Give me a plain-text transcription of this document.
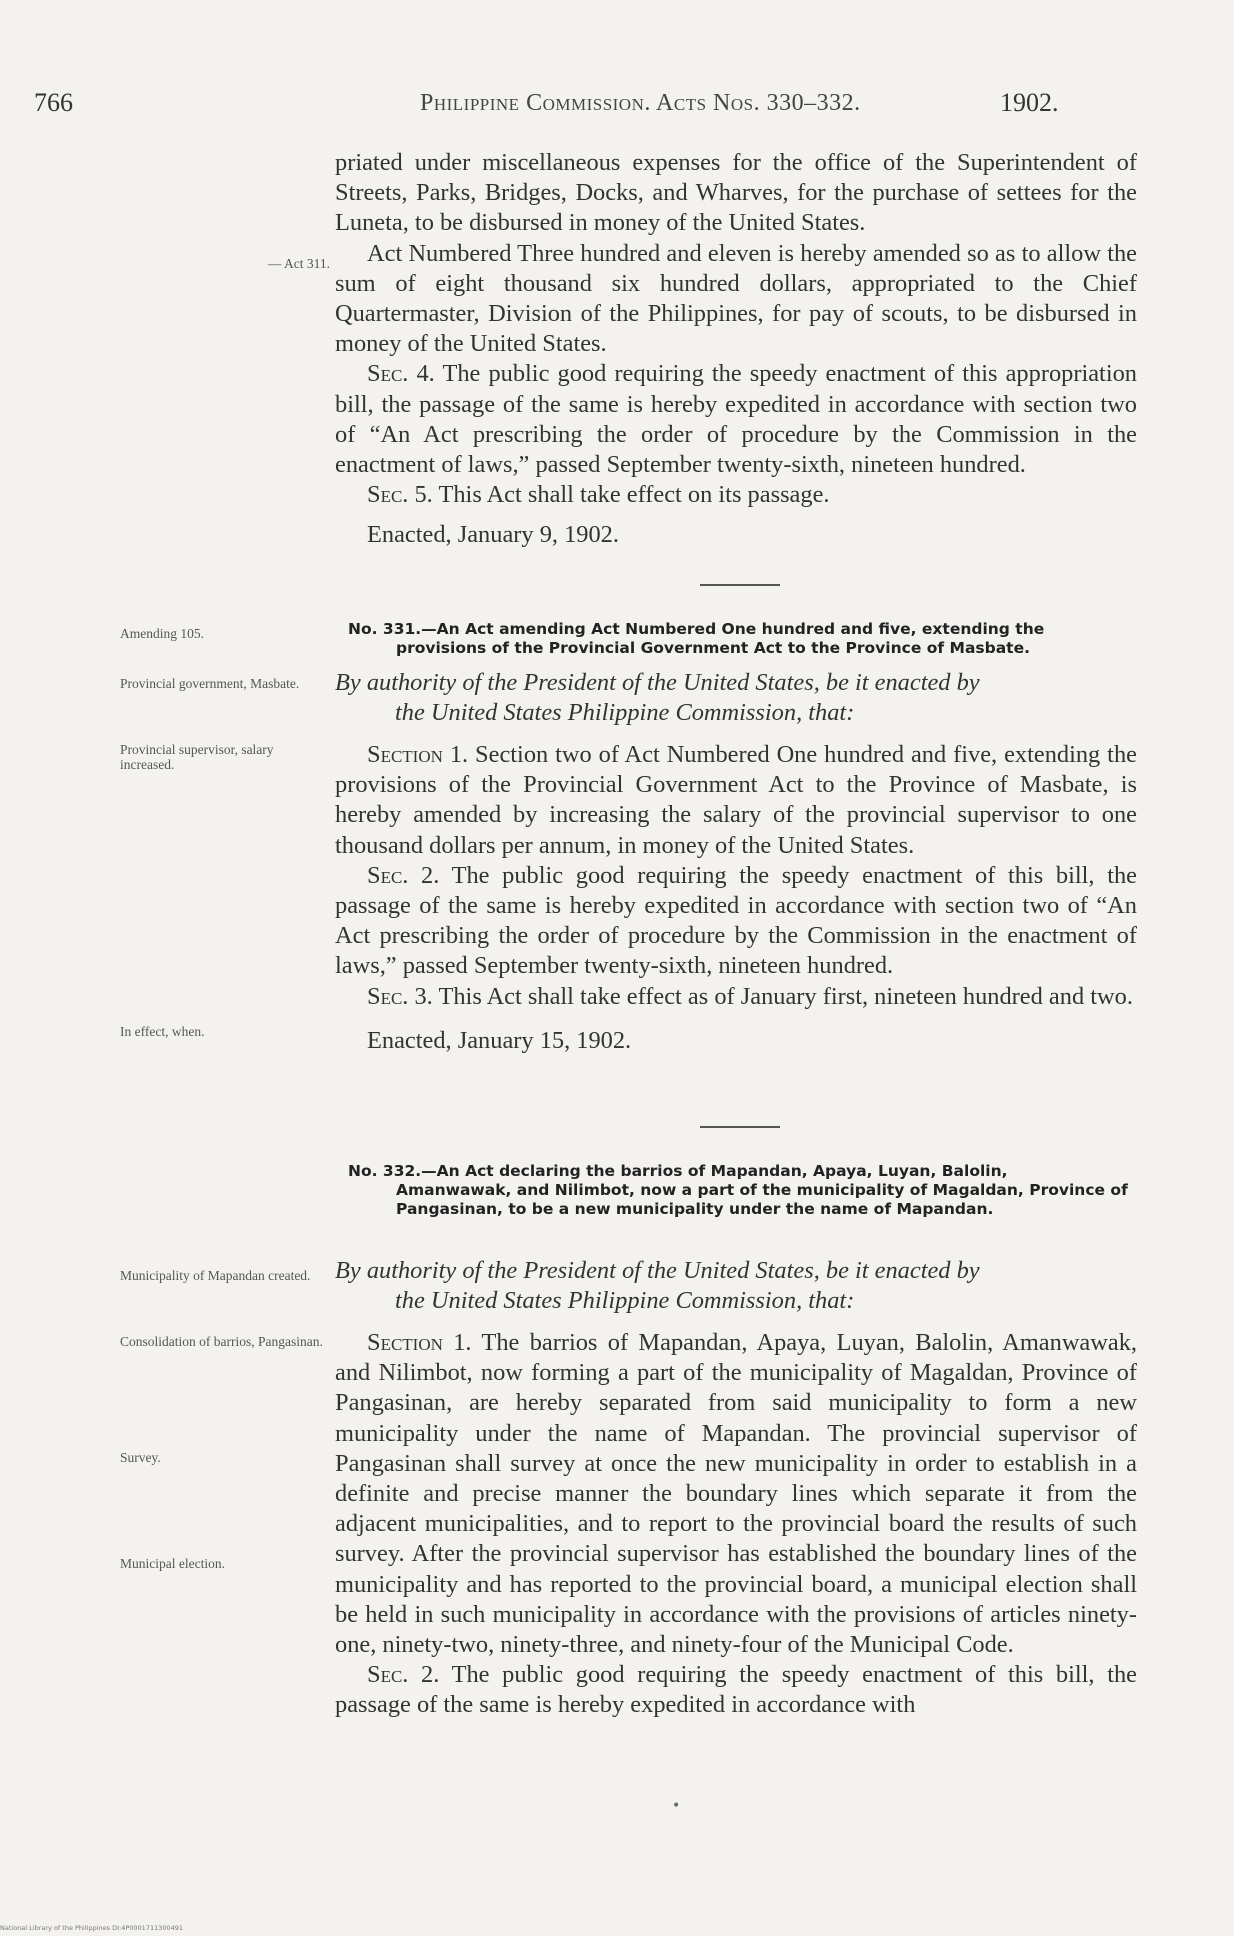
766	Philippine Commission. Acts Nos. 330–332.	1902.
— Act 311.

priated under miscellaneous expenses for the office of the Superintendent of Streets, Parks, Bridges, Docks, and Wharves, for the purchase of settees for the Luneta, to be disbursed in money of the United States.

Act Numbered Three hundred and eleven is hereby amended so as to allow the sum of eight thousand six hundred dollars, appropriated to the Chief Quartermaster, Division of the Philippines, for pay of scouts, to be disbursed in money of the United States.

Sec. 4. The public good requiring the speedy enactment of this appropriation bill, the passage of the same is hereby expedited in accordance with section two of “An Act prescribing the order of procedure by the Commission in the enactment of laws,” passed September twenty-sixth, nineteen hundred.

Sec. 5. This Act shall take effect on its passage.

Enacted, January 9, 1902.

Amending 105.	No. 331.—An Act amending Act Numbered One hundred and five, extending the
provisions of the Provincial Government Act to the Province of Masbate.
Provincial government, Masbate.	By authority of the President of the United States, be it enacted by

the United States Philippine Commission, that:

Provincial supervisor, salary increased.
In effect, when.

Section 1. Section two of Act Numbered One hundred and five, extending the provisions of the Provincial Government Act to the Province of Masbate, is hereby amended by increasing the salary of the provincial supervisor to one thousand dollars per annum, in money of the United States.

Sec. 2. The public good requiring the speedy enactment of this bill, the passage of the same is hereby expedited in accordance with section two of “An Act prescribing the order of procedure by the Commission in the enactment of laws,” passed September twenty-sixth, nineteen hundred.

Sec. 3. This Act shall take effect as of January first, nineteen hundred and two.

Enacted, January 15, 1902.

No. 332.—An Act declaring the barrios of Mapandan, Apaya, Luyan, Balolin,
Amanwawak, and Nilimbot, now a part of the municipality of Magaldan, Province of Pangasinan, to be a new municipality under the name of Mapandan.
Municipality of Mapandan created.	By authority of the President of the United States, be it enacted by

the United States Philippine Commission, that:

Consolidation of barrios, Pangasinan.
Survey.
Municipal election.

Section 1. The barrios of Mapandan, Apaya, Luyan, Balolin, Amanwawak, and Nilimbot, now forming a part of the municipality of Magaldan, Province of Pangasinan, are hereby separated from said municipality to form a new municipality under the name of Mapandan. The provincial supervisor of Pangasinan shall survey at once the new municipality in order to establish in a definite and precise manner the boundary lines which separate it from the adjacent municipalities, and to report to the provincial board the results of such survey. After the provincial supervisor has established the boundary lines of the municipality and has reported to the provincial board, a municipal election shall be held in such municipality in accordance with the provisions of articles ninety-one, ninety-two, ninety-three, and ninety-four of the Municipal Code.

Sec. 2. The public good requiring the speedy enactment of this bill, the passage of the same is hereby expedited in accordance with

•
National Library of the Philippines DI:4P0001711300491
